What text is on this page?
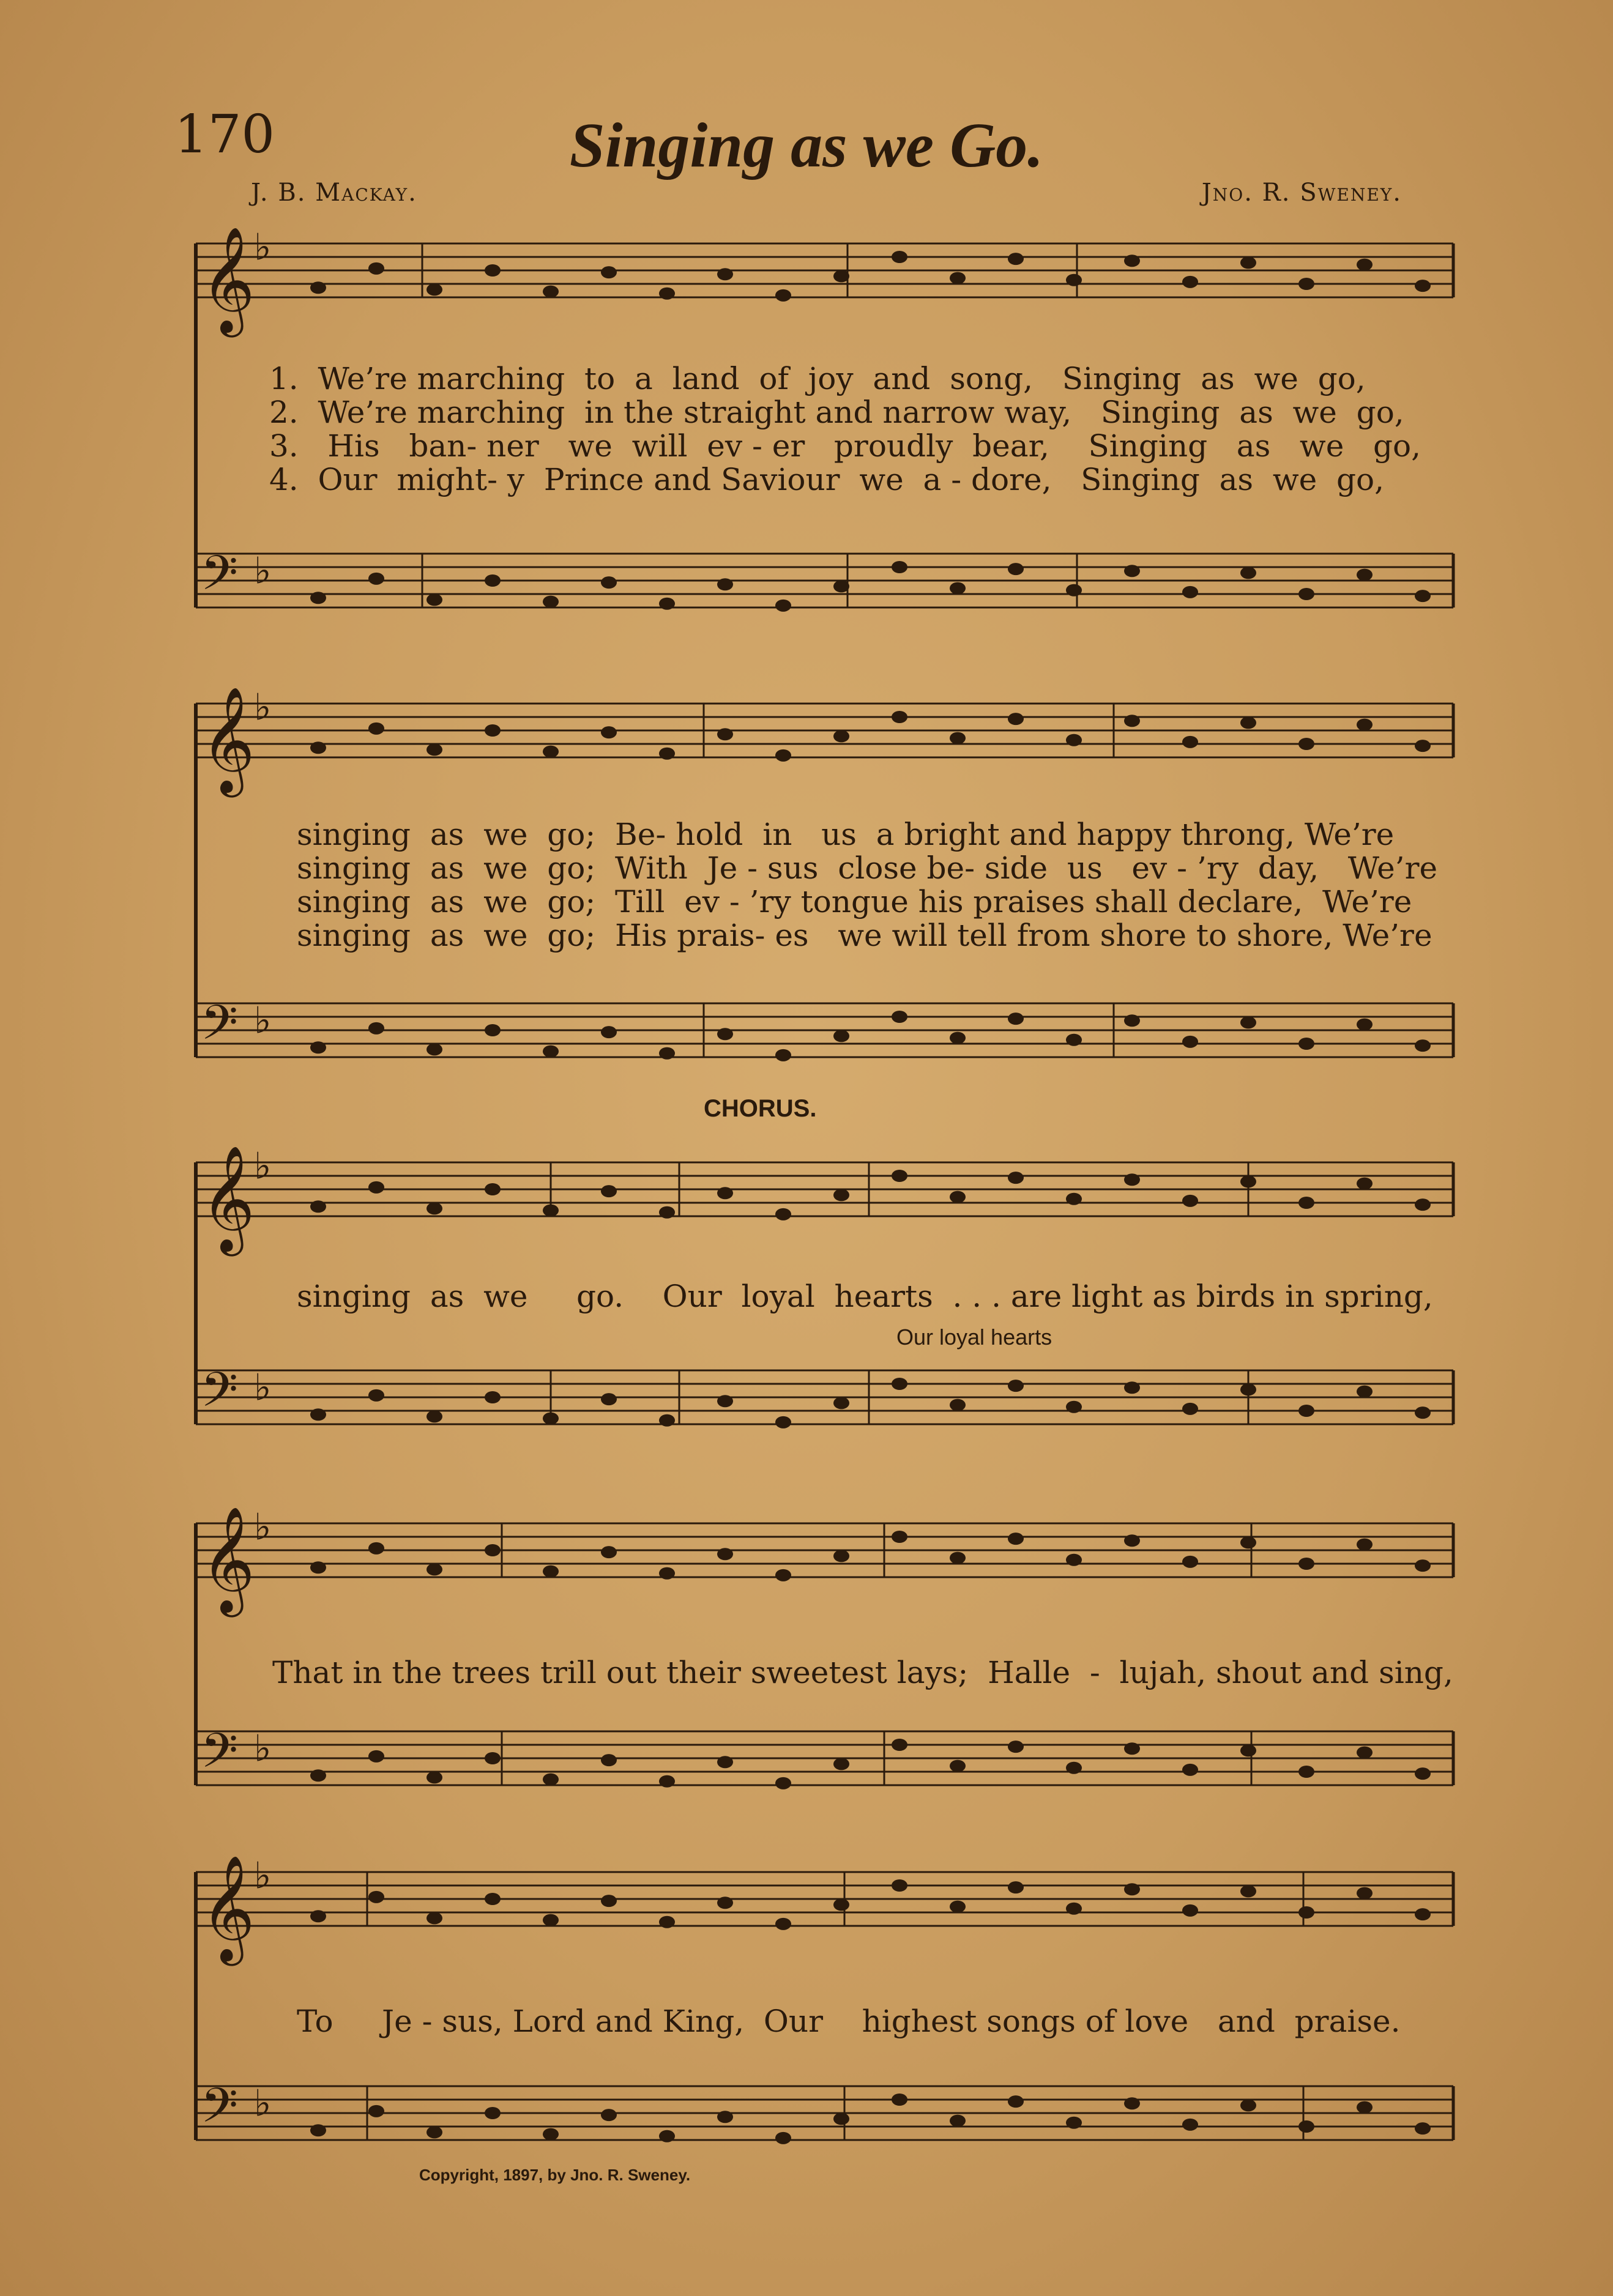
170	Singing as we Go.
J. B. Mackay.	Jno. R. Sweney.
𝄞
♭
𝄢 ♭
𝄞
♭
𝄢 ♭
𝄞
♭
𝄢 ♭
𝄞
♭
𝄢 ♭
𝄞
♭
𝄢 ♭
1.  We’re marching  to  a  land  of  joy  and  song,   Singing  as  we  go,
2.  We’re marching  in the straight and narrow way,   Singing  as  we  go,
3.   His   ban- ner   we  will  ev - er   proudly  bear,    Singing   as   we   go,
4.  Our  might- y  Prince and Saviour  we  a - dore,   Singing  as  we  go,
singing  as  we  go;  Be- hold  in   us  a bright and happy throng, We’re
singing  as  we  go;  With  Je - sus  close be- side  us   ev - ’ry  day,   We’re
singing  as  we  go;  Till  ev - ’ry tongue his praises shall declare,  We’re
singing  as  we  go;  His prais- es   we will tell from shore to shore, We’re
CHORUS.
singing  as  we     go.    Our  loyal  hearts  . . . are light as birds in spring,
Our loyal hearts
That in the trees trill out their sweetest lays;  Halle  -  lujah, shout and sing,
To     Je - sus, Lord and King,  Our    highest songs of love   and  praise.
Copyright, 1897, by Jno. R. Sweney.
